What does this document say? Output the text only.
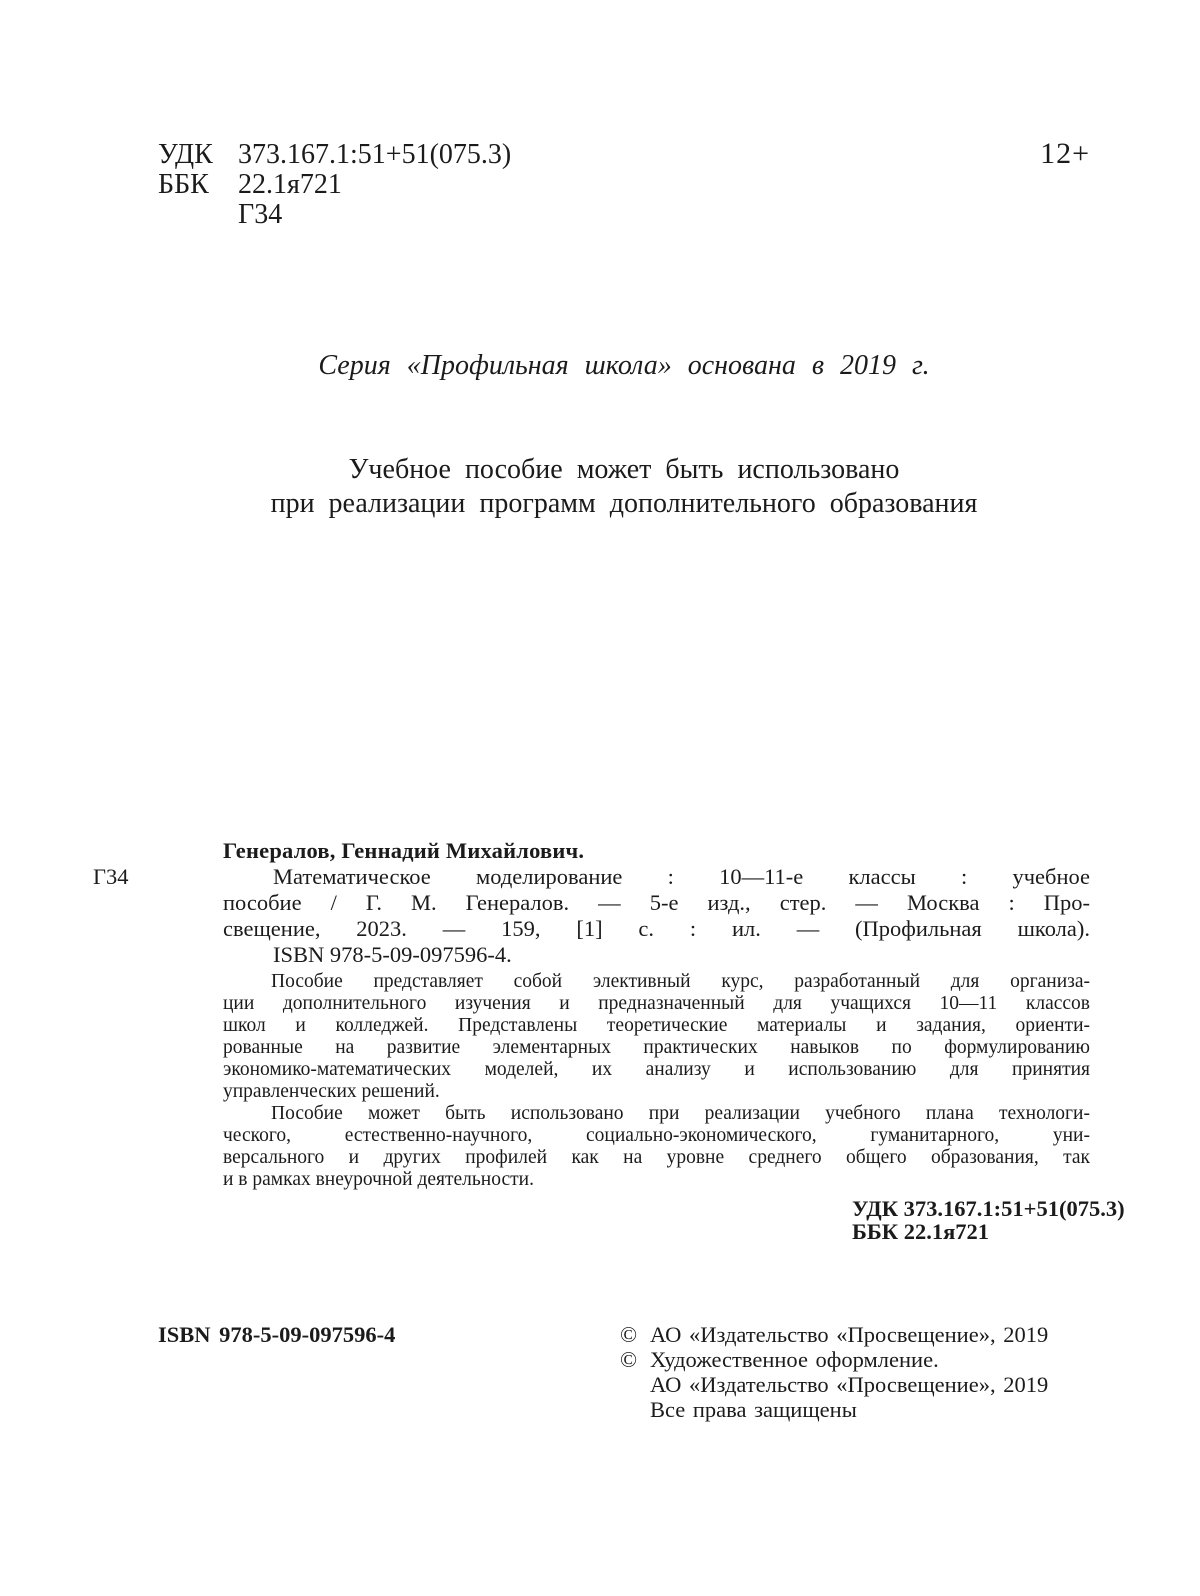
УДК 373.167.1:51+51(075.3)
ББК 22.1я721
Г34
12+
Серия «Профильная школа» основана в 2019 г.
Учебное пособие может быть использовано
при реализации программ дополнительного образования
Г34
Генералов, Геннадий Михайлович.
Математическое моделирование : 10—11-е классы : учебное
пособие / Г. М. Генералов. — 5-е изд., стер. — Москва : Про-
свещение, 2023. — 159, [1] с. : ил. — (Профильная школа).
ISBN 978-5-09-097596-4.
Пособие представляет собой элективный курс, разработанный для организа-
ции дополнительного изучения и предназначенный для учащихся 10—11 классов
школ и колледжей. Представлены теоретические материалы и задания, ориенти-
рованные на развитие элементарных практических навыков по формулированию
экономико-математических моделей, их анализу и использованию для принятия
управленческих решений.
Пособие может быть использовано при реализации учебного плана технологи-
ческого, естественно-научного, социально-экономического, гуманитарного, уни-
версального и других профилей как на уровне среднего общего образования, так
и в рамках внеурочной деятельности.
УДК 373.167.1:51+51(075.3)
ББК 22.1я721
ISBN 978-5-09-097596-4	© АО «Издательство «Просвещение», 2019
© Художественное оформление.
АО «Издательство «Просвещение», 2019
Все права защищены
